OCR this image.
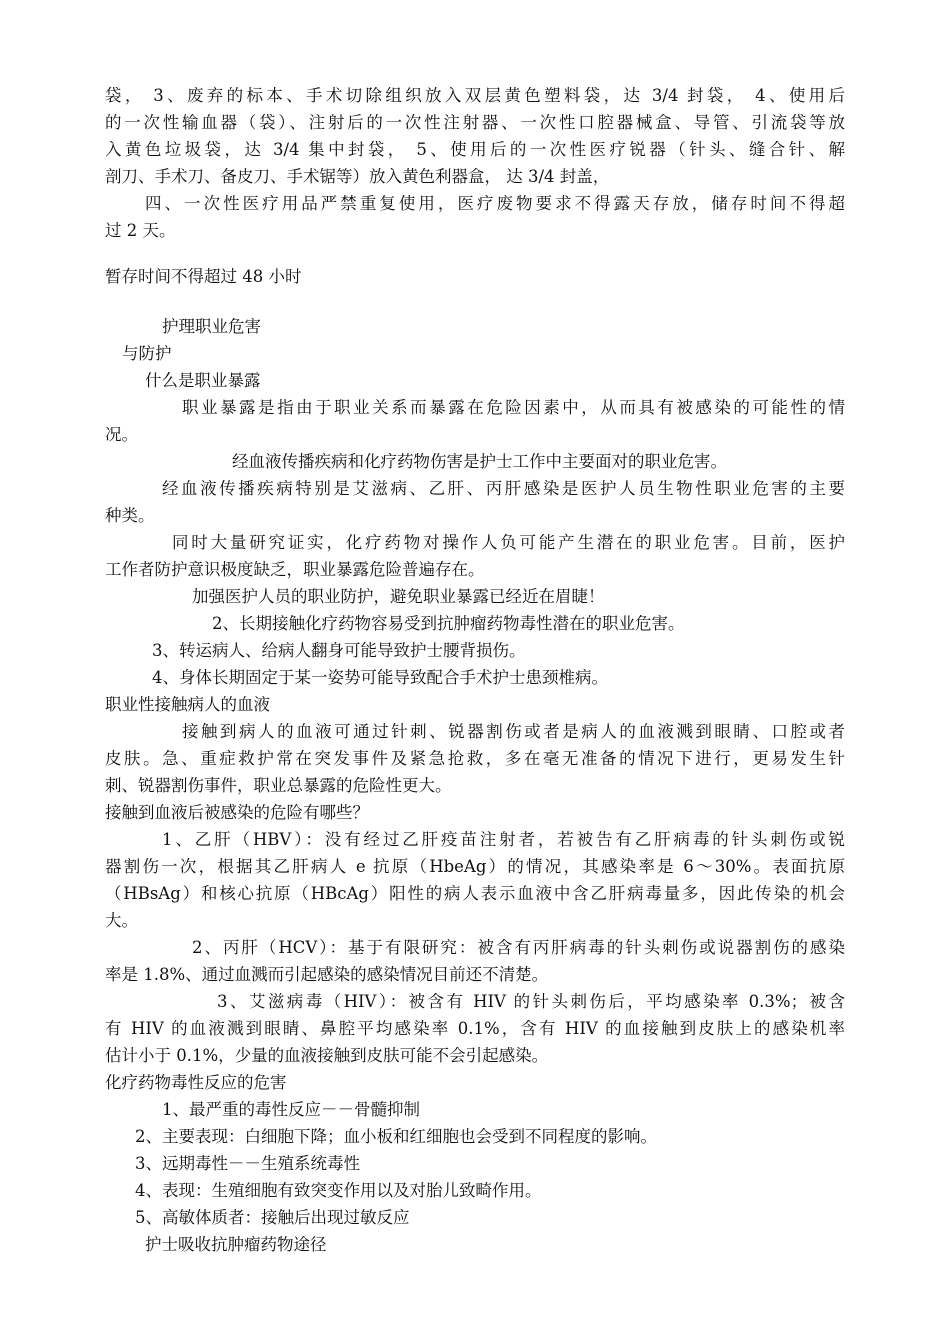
袋， 3、废弃的标本、手术切除组织放入双层黄色塑料袋，达 3/4 封袋， 4、使用后
的一次性输血器（袋）、注射后的一次性注射器、一次性口腔器械盒、导管、引流袋等放
入黄色垃圾袋，达 3/4 集中封袋， 5、使用后的一次性医疗锐器（针头、缝合针、解
剖刀、手术刀、备皮刀、手术锯等）放入黄色利器盒， 达 3/4 封盖，
四、一次性医疗用品严禁重复使用，医疗废物要求不得露天存放，储存时间不得超
过 2 天。
暂存时间不得超过 48 小时
护理职业危害
与防护
什么是职业暴露
职业暴露是指由于职业关系而暴露在危险因素中，从而具有被感染的可能性的情
况。
经血液传播疾病和化疗药物伤害是护士工作中主要面对的职业危害。
经血液传播疾病特别是艾滋病、乙肝、丙肝感染是医护人员生物性职业危害的主要
种类。
同时大量研究证实，化疗药物对操作人负可能产生潜在的职业危害。目前，医护
工作者防护意识极度缺乏，职业暴露危险普遍存在。
加强医护人员的职业防护，避免职业暴露已经近在眉睫！
2、长期接触化疗药物容易受到抗肿瘤药物毒性潜在的职业危害。
3、转运病人、给病人翻身可能导致护士腰背损伤。
4、身体长期固定于某一姿势可能导致配合手术护士患颈椎病。
职业性接触病人的血液
接触到病人的血液可通过针刺、锐器割伤或者是病人的血液溅到眼睛、口腔或者
皮肤。急、重症救护常在突发事件及紧急抢救，多在毫无准备的情况下进行，更易发生针
刺、锐器割伤事件，职业总暴露的危险性更大。
接触到血液后被感染的危险有哪些？
1、乙肝（HBV）：没有经过乙肝疫苗注射者，若被告有乙肝病毒的针头刺伤或锐
器割伤一次，根据其乙肝病人 e 抗原（HbeAg）的情况，其感染率是 6～30%。表面抗原
（HBsAg）和核心抗原（HBcAg）阳性的病人表示血液中含乙肝病毒量多，因此传染的机会
大。
2、丙肝（HCV）：基于有限研究：被含有丙肝病毒的针头刺伤或说器割伤的感染
率是 1.8%、通过血溅而引起感染的感染情况目前还不清楚。
3、艾滋病毒（HIV）：被含有 HIV 的针头刺伤后，平均感染率 0.3%；被含
有 HIV 的血液溅到眼睛、鼻腔平均感染率 0.1%，含有 HIV 的血接触到皮肤上的感染机率
估计小于 0.1%，少量的血液接触到皮肤可能不会引起感染。
化疗药物毒性反应的危害
1、最严重的毒性反应－－骨髓抑制
2、主要表现：白细胞下降；血小板和红细胞也会受到不同程度的影响。
3、远期毒性－－生殖系统毒性
4、表现：生殖细胞有致突变作用以及对胎儿致畸作用。
5、高敏体质者：接触后出现过敏反应
护士吸收抗肿瘤药物途径
